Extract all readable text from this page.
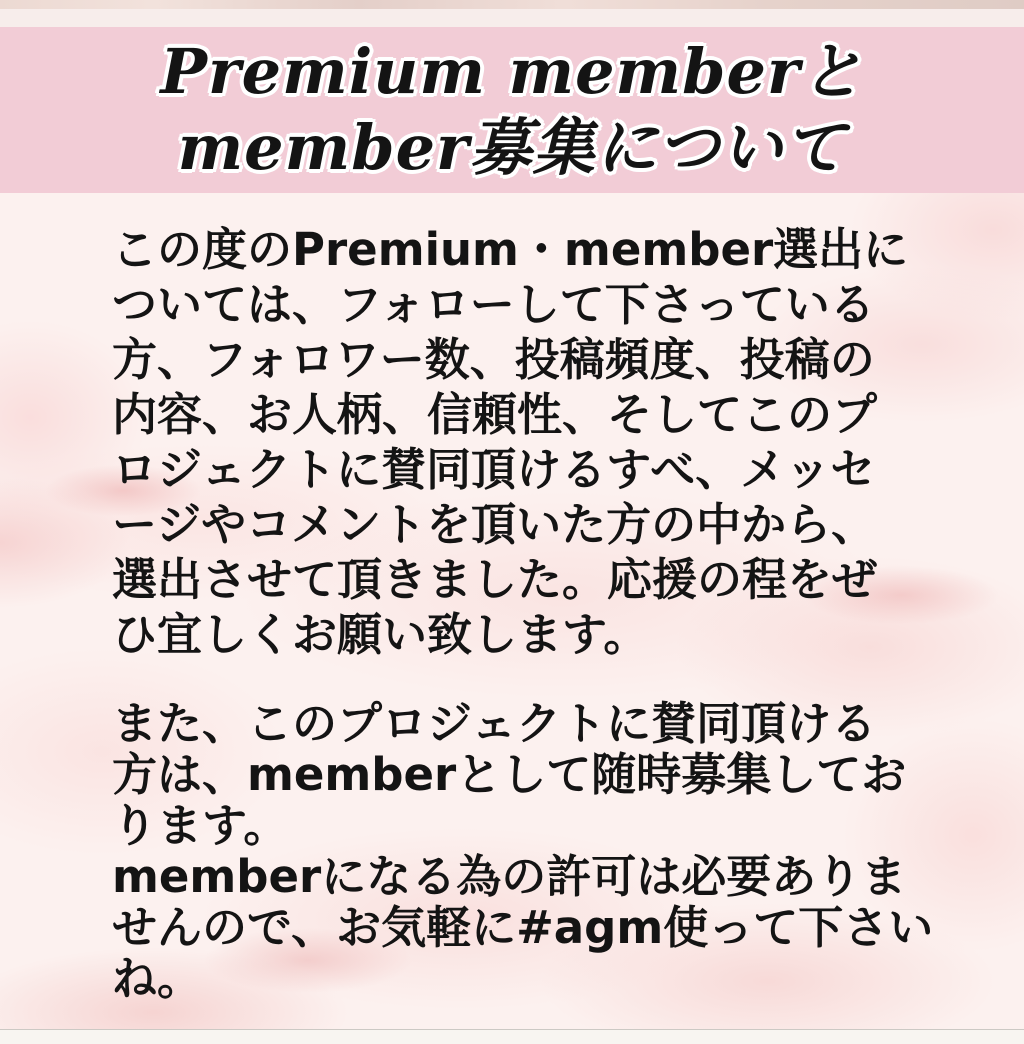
Premium memberと
member募集について
この度のPremium・member選出に
ついては、フォローして下さっている
方、フォロワー数、投稿頻度、投稿の
内容、お人柄、信頼性、そしてこのプ
ロジェクトに賛同頂けるすべ、メッセ
ージやコメントを頂いた方の中から、
選出させて頂きました。応援の程をぜ
ひ宜しくお願い致します。
また、このプロジェクトに賛同頂ける
方は、memberとして随時募集してお
ります。
memberになる為の許可は必要ありま
せんので、お気軽に#agm使って下さい
ね。
